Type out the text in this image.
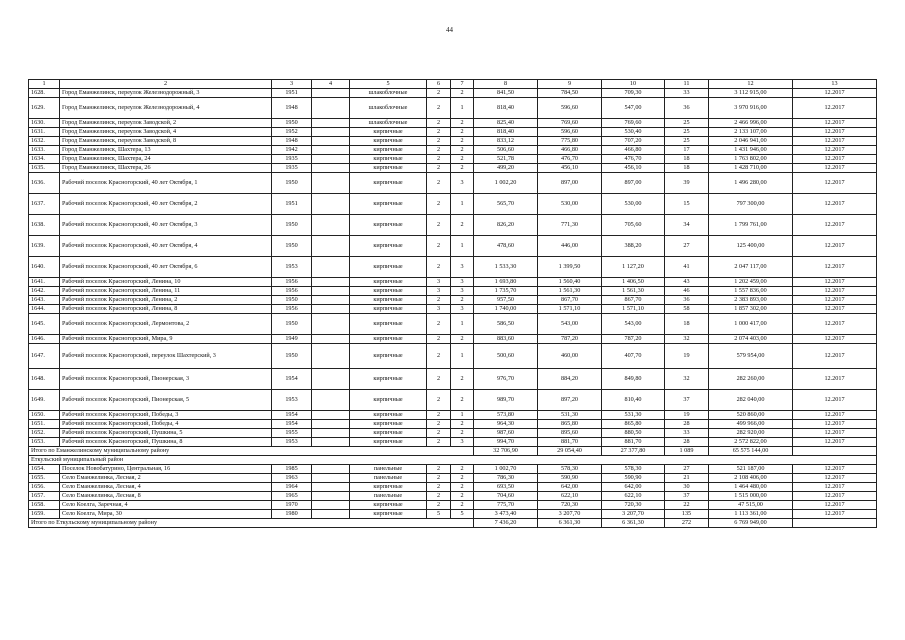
44
1	2	3	4	5	6	7	8	9	10	11	12	13
1628.	Город Еманжелинск, переулок Железнодорожный, 3	1951		шлакоблочные	2	2	841,50	784,50	709,30	33	3 112 915,00	12.2017
1629.	Город Еманжелинск, переулок Железнодорожный, 4	1948		шлакоблочные	2	1	818,40	596,60	547,00	36	3 970 916,00	12.2017
1630.	Город Еманжелинск, переулок Заводской, 2	1950		шлакоблочные	2	2	825,40	769,60	769,60	25	2 466 996,00	12.2017
1631.	Город Еманжелинск, переулок Заводской, 4	1952		кирпичные	2	2	818,40	596,60	530,40	25	2 133 107,00	12.2017
1632.	Город Еманжелинск, переулок Заводской, 8	1948		кирпичные	2	2	833,12	775,80	707,20	25	2 046 941,00	12.2017
1633.	Город Еманжелинск, Шахтера, 13	1942		кирпичные	2	2	506,60	466,80	466,80	17	1 431 946,00	12.2017
1634.	Город Еманжелинск, Шахтера, 24	1935		кирпичные	2	2	521,78	476,70	476,70	18	1 763 802,00	12.2017
1635.	Город Еманжелинск, Шахтера, 26	1935		кирпичные	2	2	499,20	456,10	456,10	18	1 428 710,00	12.2017
1636.	Рабочий поселок Красногорский, 40 лет Октября, 1	1950		кирпичные	2	3	1 002,20	897,00	897,00	39	1 496 280,00	12.2017
1637.	Рабочий поселок Красногорский, 40 лет Октября, 2	1951		кирпичные	2	1	565,70	530,00	530,00	15	797 300,00	12.2017
1638.	Рабочий поселок Красногорский, 40 лет Октября, 3	1950		кирпичные	2	2	826,20	771,30	705,60	34	1 799 761,00	12.2017
1639.	Рабочий поселок Красногорский, 40 лет Октября, 4	1950		кирпичные	2	1	478,60	446,00	388,20	27	125 400,00	12.2017
1640.	Рабочий поселок Красногорский, 40 лет Октября, 6	1953		кирпичные	2	3	1 533,30	1 399,50	1 127,20	41	2 047 117,00	12.2017
1641.	Рабочий поселок Красногорский, Ленина, 10	1956		кирпичные	3	3	1 693,80	1 560,40	1 406,50	43	1 202 459,00	12.2017
1642.	Рабочий поселок Красногорский, Ленина, 11	1956		кирпичные	3	3	1 735,70	1 561,30	1 561,30	46	1 557 836,00	12.2017
1643.	Рабочий поселок Красногорский, Ленина, 2	1950		кирпичные	2	2	957,50	867,70	867,70	36	2 383 893,00	12.2017
1644.	Рабочий поселок Красногорский, Ленина, 8	1956		кирпичные	3	3	1 740,00	1 571,10	1 571,10	58	1 857 302,00	12.2017
1645.	Рабочий поселок Красногорский, Лермонтова, 2	1950		кирпичные	2	1	586,50	543,00	543,00	18	1 000 417,00	12.2017
1646.	Рабочий поселок Красногорский, Мира, 9	1949		кирпичные	2	2	883,60	787,20	787,20	32	2 074 403,00	12.2017
1647.	Рабочий поселок Красногорский, переулок Шахтерский, 3	1950		кирпичные	2	1	500,60	460,00	407,70	19	579 954,00	12.2017
1648.	Рабочий поселок Красногорский, Пионерская, 3	1954		кирпичные	2	2	976,70	884,20	849,80	32	282 260,00	12.2017
1649.	Рабочий поселок Красногорский, Пионерская, 5	1953		кирпичные	2	2	989,70	897,20	810,40	37	282 040,00	12.2017
1650.	Рабочий поселок Красногорский, Победы, 3	1954		кирпичные	2	1	573,80	531,30	531,30	19	520 860,00	12.2017
1651.	Рабочий поселок Красногорский, Победы, 4	1954		кирпичные	2	2	964,30	865,80	865,80	28	499 966,00	12.2017
1652.	Рабочий поселок Красногорский, Пушкина, 5	1955		кирпичные	2	2	987,60	895,60	880,50	33	282 920,00	12.2017
1653.	Рабочий поселок Красногорский, Пушкина, 8	1953		кирпичные	2	3	994,70	881,70	881,70	28	2 572 822,00	12.2017
Итого по Еманжелинскому муниципальному району							32 706,90	29 054,40	27 377,80	1 089	65 575 144,00	
Еткульский муниципальный район												
1654.	Поселок Новобатурино, Центральная, 16	1985		панельные	2	2	1 002,70	578,30	578,30	27	521 187,00	12.2017
1655.	Село Еманжелинка, Лесная, 2	1963		панельные	2	2	786,30	590,90	590,90	21	2 108 406,00	12.2017
1656.	Село Еманжелинка, Лесная, 4	1964		кирпичные	2	2	693,50	642,00	642,00	30	1 464 480,00	12.2017
1657.	Село Еманжелинка, Лесная, 8	1965		панельные	2	2	704,60	622,10	622,10	37	1 515 000,00	12.2017
1658.	Село Коелга, Заречная, 4	1970		кирпичные	2	2	775,70	720,30	720,30	22	47 515,00	12.2017
1659.	Село Коелга, Мира, 30	1980		кирпичные	5	5	3 473,40	3 207,70	3 207,70	135	1 113 361,00	12.2017
Итого по Еткульскому муниципальному району							7 436,20	6 361,30	6 361,30	272	6 769 949,00	
